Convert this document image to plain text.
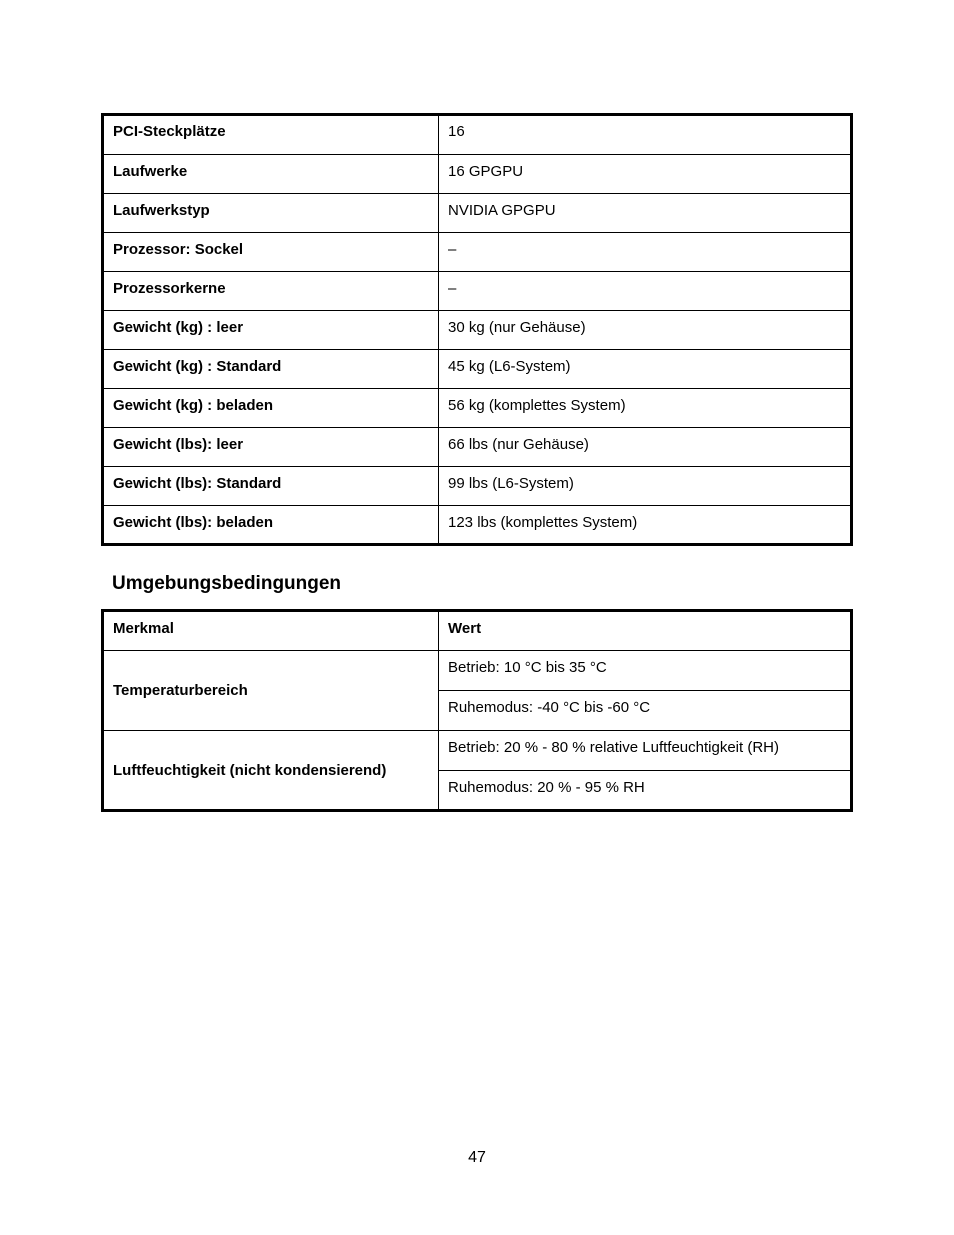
PCI-Steckplätze	16
Laufwerke	16 GPGPU
Laufwerkstyp	NVIDIA GPGPU
Prozessor: Sockel	–
Prozessorkerne	–
Gewicht (kg) : leer	30 kg (nur Gehäuse)
Gewicht (kg) : Standard	45 kg (L6-System)
Gewicht (kg) : beladen	56 kg (komplettes System)
Gewicht (lbs): leer	66 lbs (nur Gehäuse)
Gewicht (lbs): Standard	99 lbs (L6-System)
Gewicht (lbs): beladen	123 lbs (komplettes System)
Umgebungsbedingungen
Merkmal	Wert
Temperaturbereich	Betrieb: 10 °C bis 35 °C
	Ruhemodus: -40 °C bis -60 °C
Luftfeuchtigkeit (nicht kondensierend)	Betrieb: 20 % - 80 % relative Luftfeuchtigkeit (RH)
	Ruhemodus: 20 % - 95 % RH
47
